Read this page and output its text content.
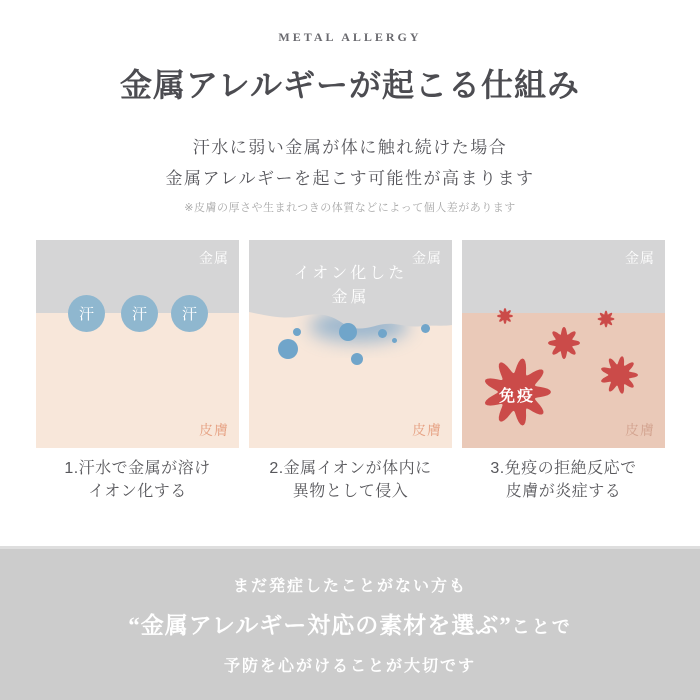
METAL ALLERGY
金属アレルギーが起こる仕組み
汗水に弱い金属が体に触れ続けた場合
金属アレルギーを起こす可能性が高まります
※皮膚の厚さや生まれつきの体質などによって個人差があります
金属
汗	汗 汗
皮膚
金属
イオン化した
金属
皮膚
金属
免疫
皮膚
1.汗水で金属が溶け
イオン化する
2.金属イオンが体内に
異物として侵入
3.免疫の拒絶反応で
皮膚が炎症する
まだ発症したことがない方も
“金属アレルギー対応の素材を選ぶ”ことで
予防を心がけることが大切です
